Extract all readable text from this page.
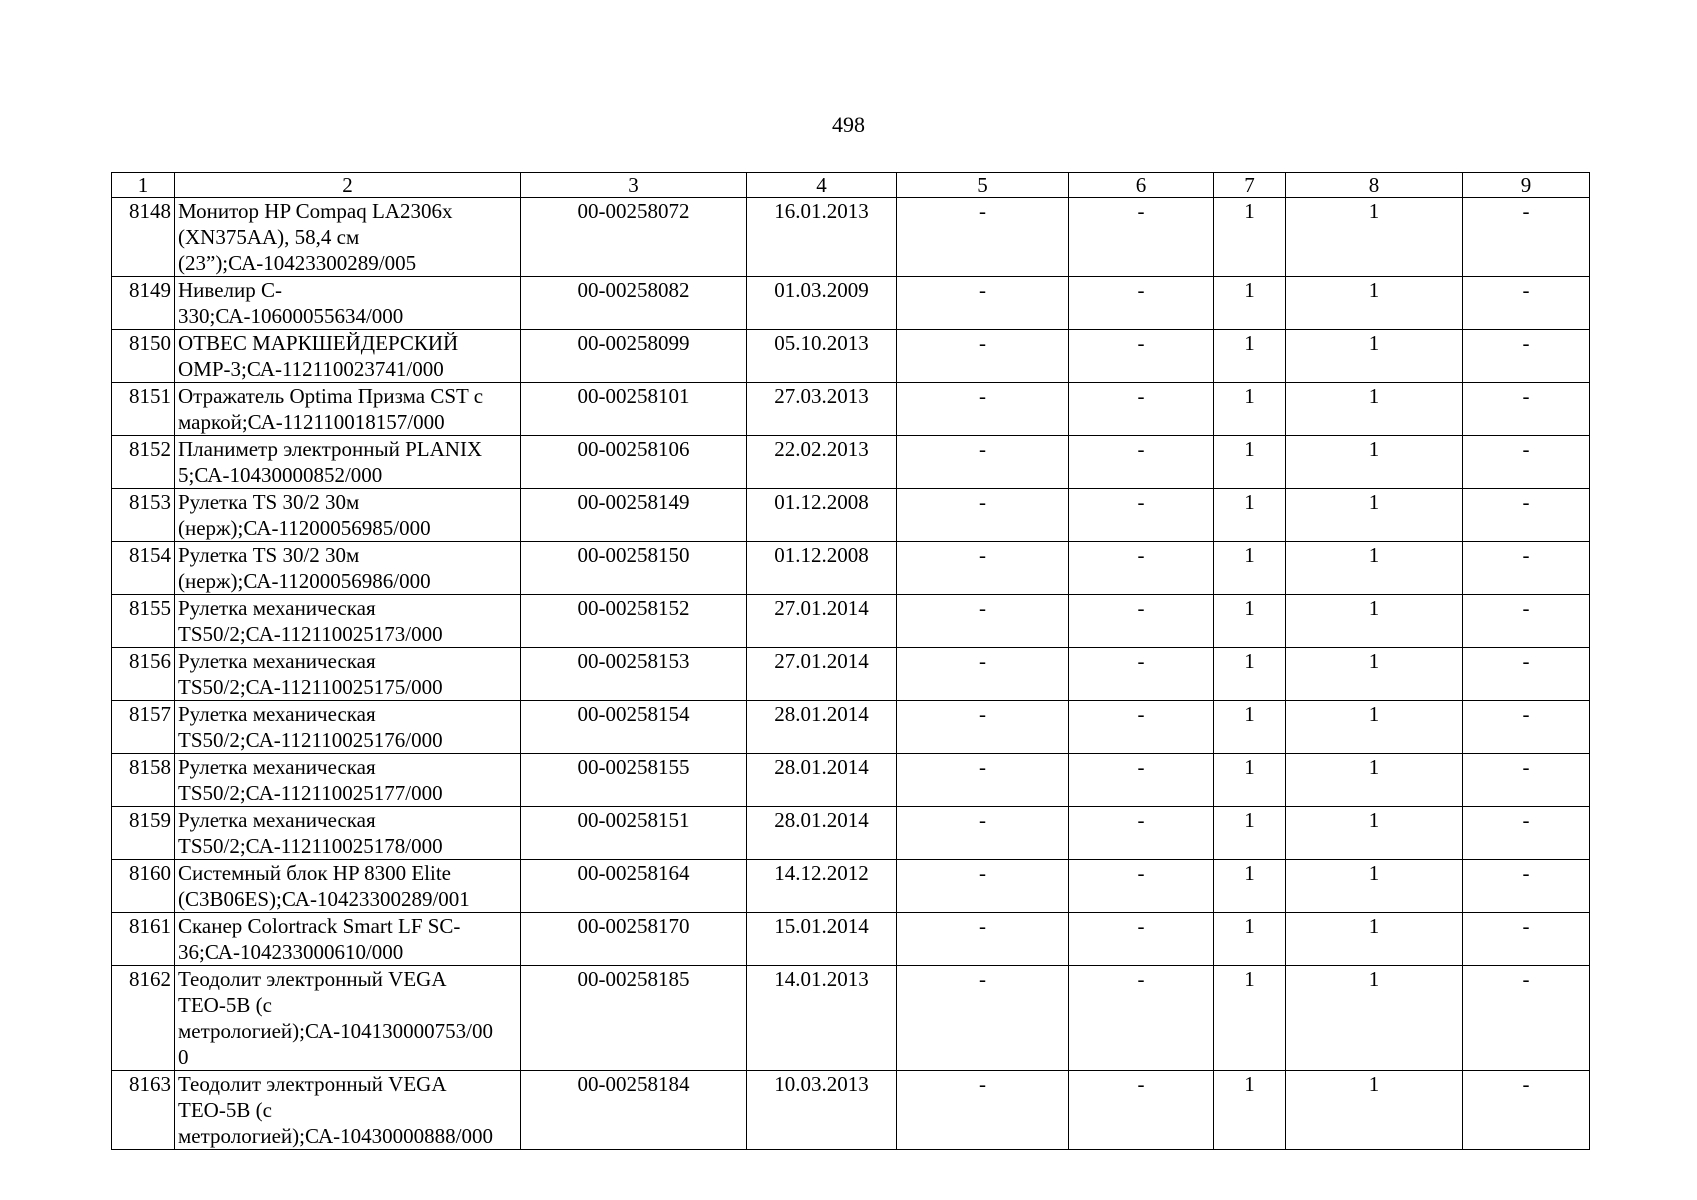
498
1	2	3	4	5	6	7	8	9
8148	Монитор HP Compaq LA2306x
(XN375AA), 58,4 см
(23”);СА-10423300289/005	00-00258072	16.01.2013	-	-	1	1	-
8149	Нивелир С-
330;СА-10600055634/000	00-00258082	01.03.2009	-	-	1	1	-
8150	ОТВЕС МАРКШЕЙДЕРСКИЙ
ОМР-3;СА-112110023741/000	00-00258099	05.10.2013	-	-	1	1	-
8151	Отражатель Optima Призма CST с
маркой;СА-112110018157/000	00-00258101	27.03.2013	-	-	1	1	-
8152	Планиметр электронный PLANIX
5;СА-10430000852/000	00-00258106	22.02.2013	-	-	1	1	-
8153	Рулетка TS 30/2 30м
(нерж);СА-11200056985/000	00-00258149	01.12.2008	-	-	1	1	-
8154	Рулетка TS 30/2 30м
(нерж);СА-11200056986/000	00-00258150	01.12.2008	-	-	1	1	-
8155	Рулетка механическая
TS50/2;СА-112110025173/000	00-00258152	27.01.2014	-	-	1	1	-
8156	Рулетка механическая
TS50/2;СА-112110025175/000	00-00258153	27.01.2014	-	-	1	1	-
8157	Рулетка механическая
TS50/2;СА-112110025176/000	00-00258154	28.01.2014	-	-	1	1	-
8158	Рулетка механическая
TS50/2;СА-112110025177/000	00-00258155	28.01.2014	-	-	1	1	-
8159	Рулетка механическая
TS50/2;СА-112110025178/000	00-00258151	28.01.2014	-	-	1	1	-
8160	Системный блок HP 8300 Elite
(C3B06ES);СА-10423300289/001	00-00258164	14.12.2012	-	-	1	1	-
8161	Сканер Colortrack Smart LF SC-
36;СА-104233000610/000	00-00258170	15.01.2014	-	-	1	1	-
8162	Теодолит электронный VEGA
TEO-5B (с
метрологией);СА-104130000753/00
0	00-00258185	14.01.2013	-	-	1	1	-
8163	Теодолит электронный VEGA
TEO-5B (с
метрологией);СА-10430000888/000	00-00258184	10.03.2013	-	-	1	1	-
